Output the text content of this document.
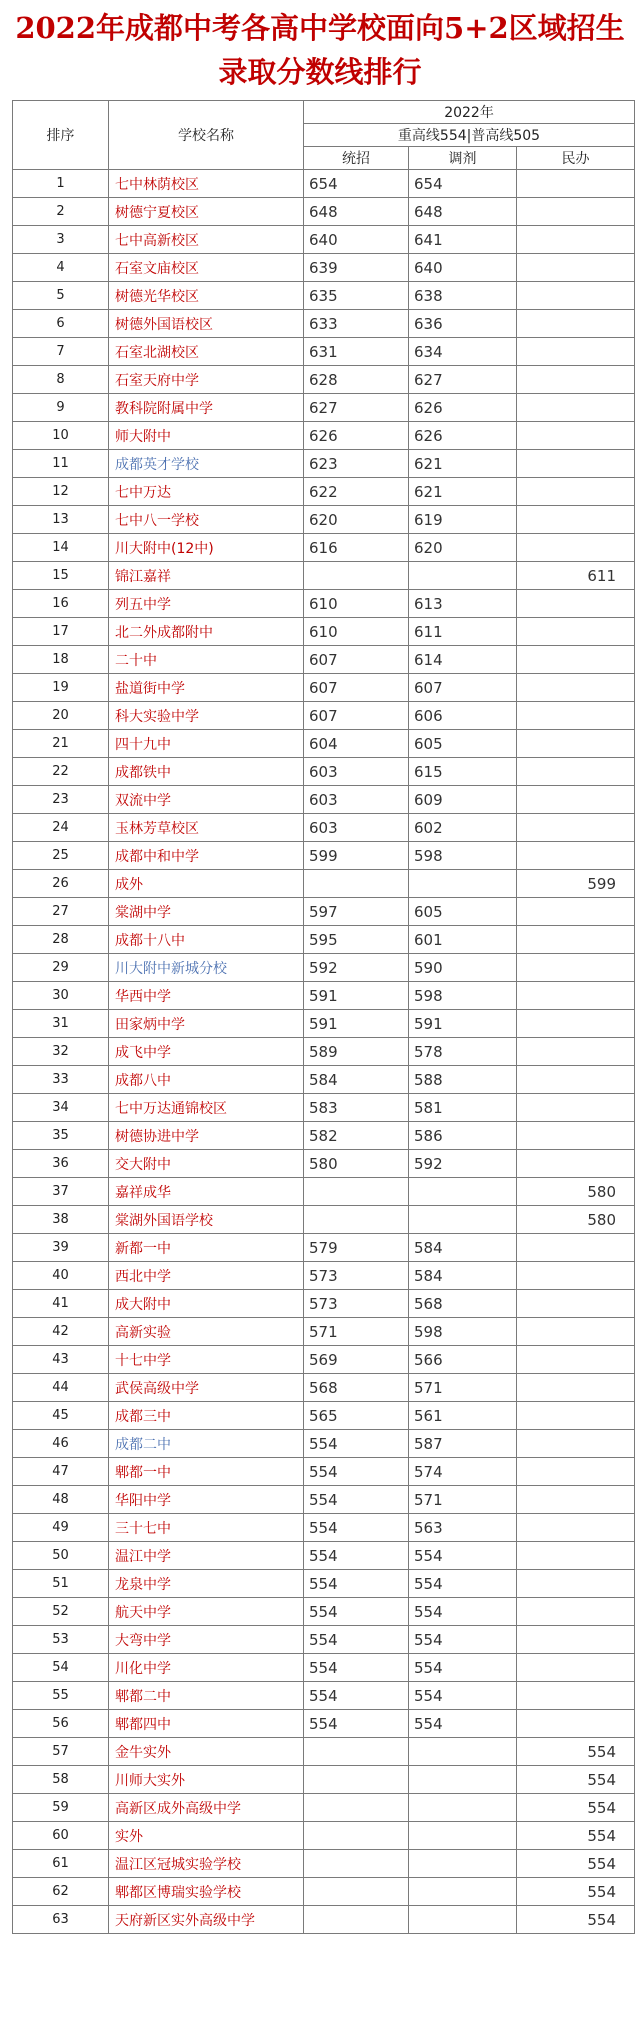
2022年成都中考各高中学校面向5+2区域招生
录取分数线排行
排序	学校名称	2022年		
		重高线554|普高线505		
		统招	调剂	民办
1	七中林荫校区	654	654	
2	树德宁夏校区	648	648	
3	七中高新校区	640	641	
4	石室文庙校区	639	640	
5	树德光华校区	635	638	
6	树德外国语校区	633	636	
7	石室北湖校区	631	634	
8	石室天府中学	628	627	
9	教科院附属中学	627	626	
10	师大附中	626	626	
11	成都英才学校	623	621	
12	七中万达	622	621	
13	七中八一学校	620	619	
14	川大附中(12中)	616	620	
15	锦江嘉祥			611
16	列五中学	610	613	
17	北二外成都附中	610	611	
18	二十中	607	614	
19	盐道街中学	607	607	
20	科大实验中学	607	606	
21	四十九中	604	605	
22	成都铁中	603	615	
23	双流中学	603	609	
24	玉林芳草校区	603	602	
25	成都中和中学	599	598	
26	成外			599
27	棠湖中学	597	605	
28	成都十八中	595	601	
29	川大附中新城分校	592	590	
30	华西中学	591	598	
31	田家炳中学	591	591	
32	成飞中学	589	578	
33	成都八中	584	588	
34	七中万达通锦校区	583	581	
35	树德协进中学	582	586	
36	交大附中	580	592	
37	嘉祥成华			580
38	棠湖外国语学校			580
39	新都一中	579	584	
40	西北中学	573	584	
41	成大附中	573	568	
42	高新实验	571	598	
43	十七中学	569	566	
44	武侯高级中学	568	571	
45	成都三中	565	561	
46	成都二中	554	587	
47	郫都一中	554	574	
48	华阳中学	554	571	
49	三十七中	554	563	
50	温江中学	554	554	
51	龙泉中学	554	554	
52	航天中学	554	554	
53	大弯中学	554	554	
54	川化中学	554	554	
55	郫都二中	554	554	
56	郫都四中	554	554	
57	金牛实外			554
58	川师大实外			554
59	高新区成外高级中学			554
60	实外			554
61	温江区冠城实验学校			554
62	郫都区博瑞实验学校			554
63	天府新区实外高级中学			554
